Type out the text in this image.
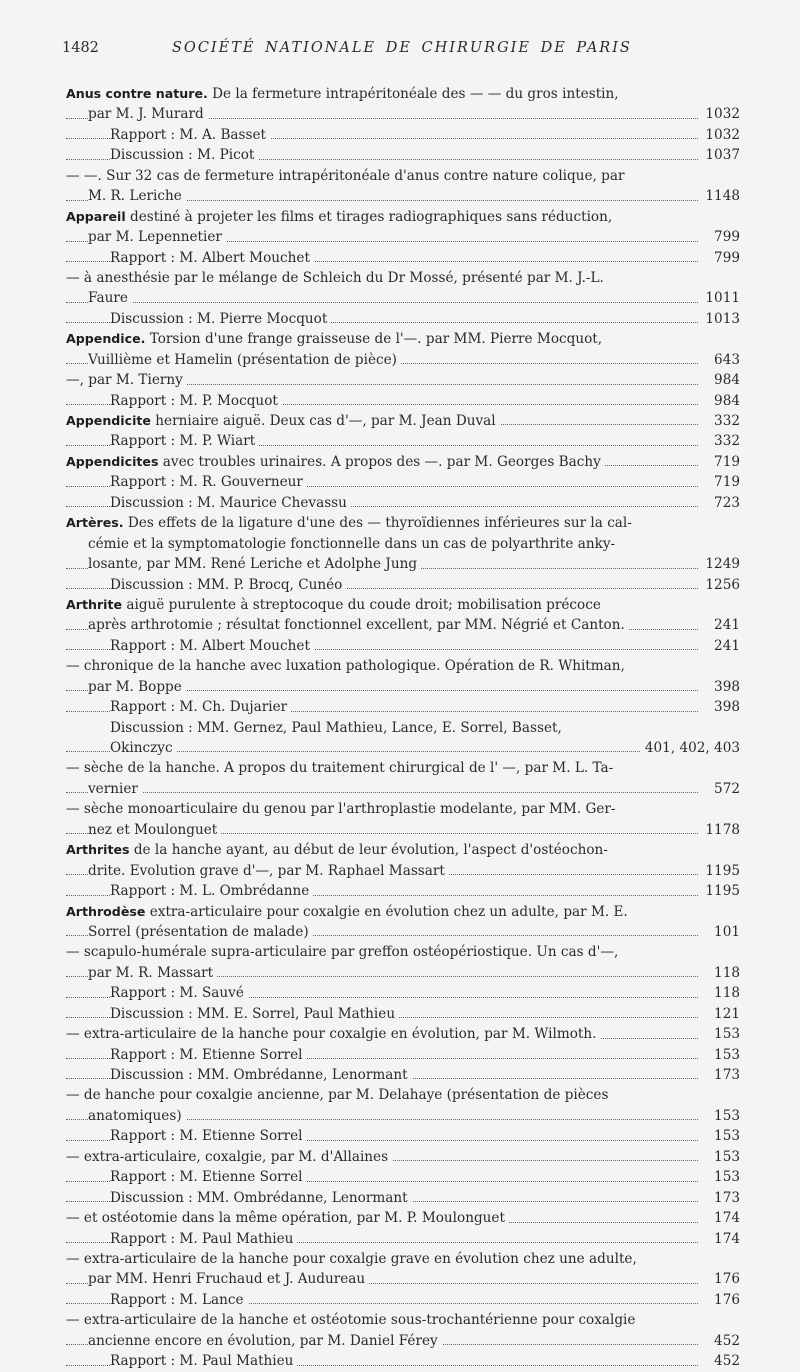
1482	SOCIÉTÉ NATIONALE DE CHIRURGIE DE PARIS
Anus contre nature. De la fermeture intrapéritonéale des — — du gros intestin,
par M. J. Murard	1032
Rapport : M. A. Basset	1032
Discussion : M. Picot	1037
— —. Sur 32 cas de fermeture intrapéritonéale d'anus contre nature colique, par
M. R. Leriche	1148
Appareil destiné à projeter les films et tirages radiographiques sans réduction,
par M. Lepennetier	799
Rapport : M. Albert Mouchet	799
— à anesthésie par le mélange de Schleich du Dr Mossé, présenté par M. J.-L.
Faure	1011
Discussion : M. Pierre Mocquot	1013
Appendice. Torsion d'une frange graisseuse de l'—. par MM. Pierre Mocquot,
Vuillième et Hamelin (présentation de pièce)	643
—, par M. Tierny	984
Rapport : M. P. Mocquot	984
Appendicite herniaire aiguë. Deux cas d'—, par M. Jean Duval	332
Rapport : M. P. Wiart	332
Appendicites avec troubles urinaires. A propos des —. par M. Georges Bachy	719
Rapport : M. R. Gouverneur	719
Discussion : M. Maurice Chevassu	723
Artères. Des effets de la ligature d'une des — thyroïdiennes inférieures sur la cal-
cémie et la symptomatologie fonctionnelle dans un cas de polyarthrite anky-
losante, par MM. René Leriche et Adolphe Jung	1249
Discussion : MM. P. Brocq, Cunéo	1256
Arthrite aiguë purulente à streptocoque du coude droit; mobilisation précoce
après arthrotomie ; résultat fonctionnel excellent, par MM. Négrié et Canton.	241
Rapport : M. Albert Mouchet	241
— chronique de la hanche avec luxation pathologique. Opération de R. Whitman,
par M. Boppe	398
Rapport : M. Ch. Dujarier	398
Discussion : MM. Gernez, Paul Mathieu, Lance, E. Sorrel, Basset,
Okinczyc	401, 402, 403
— sèche de la hanche. A propos du traitement chirurgical de l' —, par M. L. Ta-
vernier	572
— sèche monoarticulaire du genou par l'arthroplastie modelante, par MM. Ger-
nez et Moulonguet	1178
Arthrites de la hanche ayant, au début de leur évolution, l'aspect d'ostéochon-
drite. Evolution grave d'—, par M. Raphael Massart	1195
Rapport : M. L. Ombrédanne	1195
Arthrodèse extra-articulaire pour coxalgie en évolution chez un adulte, par M. E.
Sorrel (présentation de malade)	101
— scapulo-humérale supra-articulaire par greffon ostéopériostique. Un cas d'—,
par M. R. Massart	118
Rapport : M. Sauvé	118
Discussion : MM. E. Sorrel, Paul Mathieu	121
— extra-articulaire de la hanche pour coxalgie en évolution, par M. Wilmoth.	153
Rapport : M. Etienne Sorrel	153
Discussion : MM. Ombrédanne, Lenormant	173
— de hanche pour coxalgie ancienne, par M. Delahaye (présentation de pièces
anatomiques)	153
Rapport : M. Etienne Sorrel	153
— extra-articulaire, coxalgie, par M. d'Allaines	153
Rapport : M. Etienne Sorrel	153
Discussion : MM. Ombrédanne, Lenormant	173
— et ostéotomie dans la même opération, par M. P. Moulonguet	174
Rapport : M. Paul Mathieu	174
— extra-articulaire de la hanche pour coxalgie grave en évolution chez une adulte,
par MM. Henri Fruchaud et J. Audureau	176
Rapport : M. Lance	176
— extra-articulaire de la hanche et ostéotomie sous-trochantérienne pour coxalgie
ancienne encore en évolution, par M. Daniel Férey	452
Rapport : M. Paul Mathieu	452
